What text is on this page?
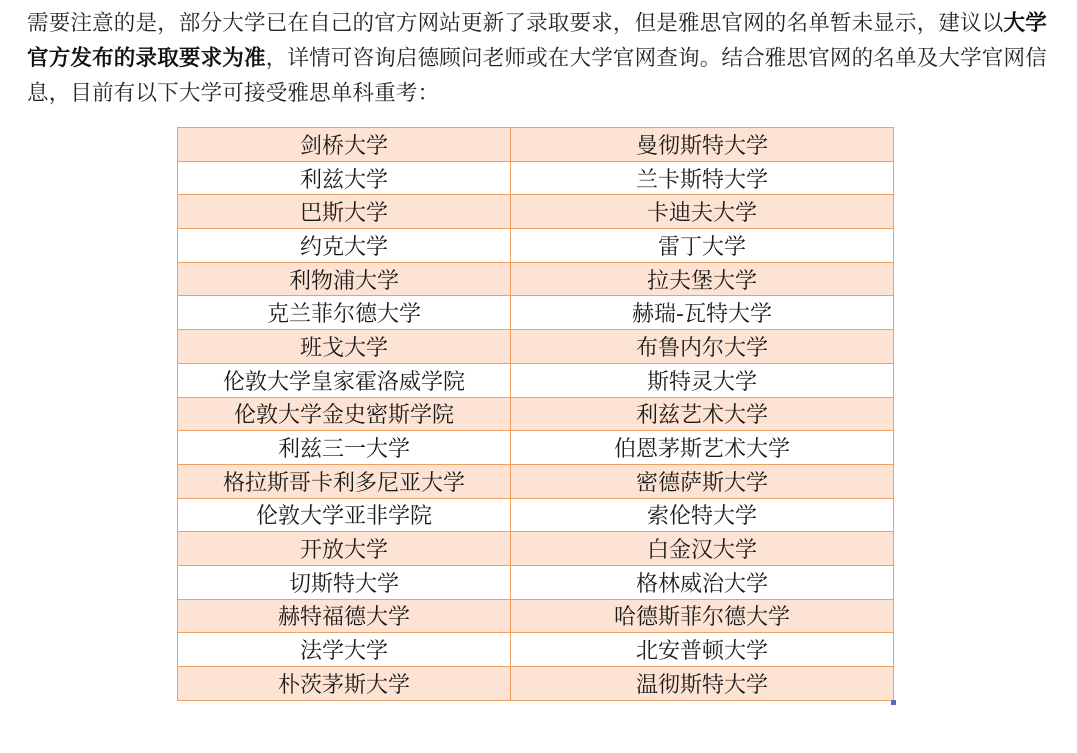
需要注意的是，部分大学已在自己的官方网站更新了录取要求，但是雅思官网的名单暂未显示，建议以大学官方发布的录取要求为准，详情可咨询启德顾问老师或在大学官网查询。结合雅思官网的名单及大学官网信息，目前有以下大学可接受雅思单科重考：

剑桥大学	曼彻斯特大学
利兹大学	兰卡斯特大学
巴斯大学	卡迪夫大学
约克大学	雷丁大学
利物浦大学	拉夫堡大学
克兰菲尔德大学	赫瑞-瓦特大学
班戈大学	布鲁内尔大学
伦敦大学皇家霍洛威学院	斯特灵大学
伦敦大学金史密斯学院	利兹艺术大学
利兹三一大学	伯恩茅斯艺术大学
格拉斯哥卡利多尼亚大学	密德萨斯大学
伦敦大学亚非学院	索伦特大学
开放大学	白金汉大学
切斯特大学	格林威治大学
赫特福德大学	哈德斯菲尔德大学
法学大学	北安普顿大学
朴茨茅斯大学	温彻斯特大学
